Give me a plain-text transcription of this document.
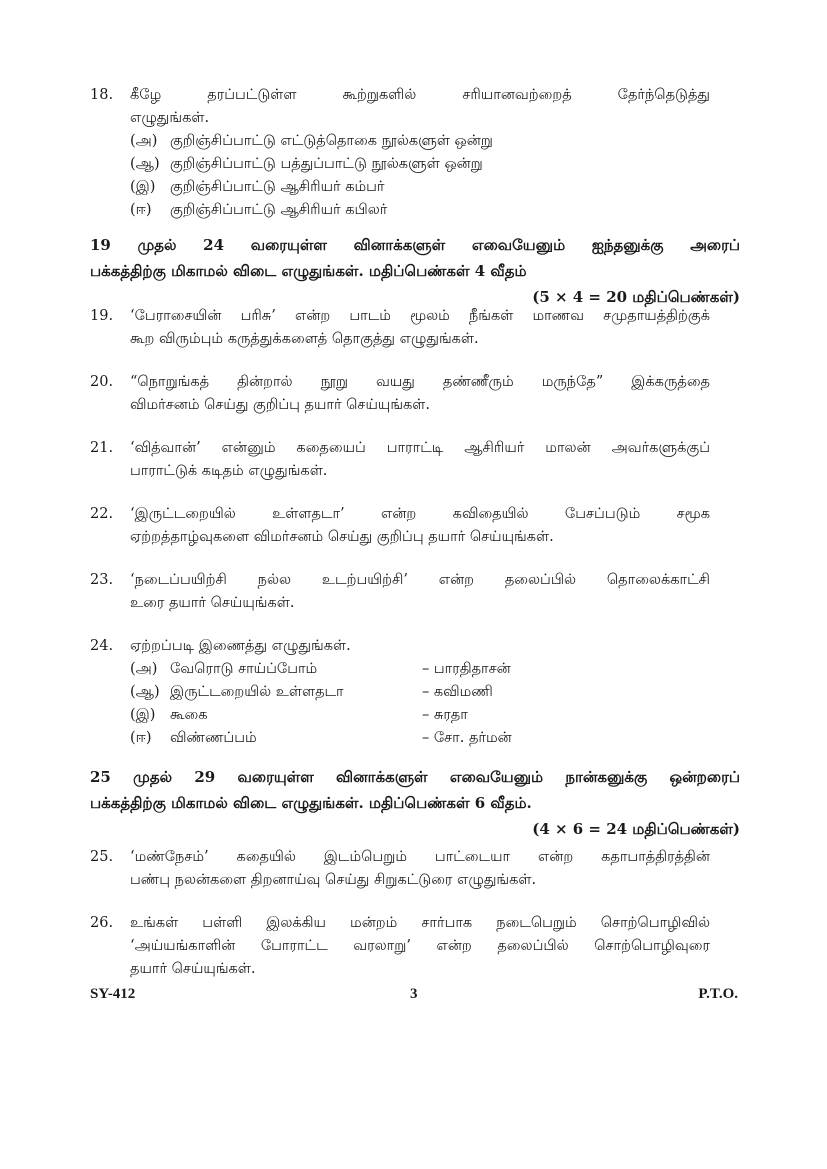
18.	கீழே தரப்பட்டுள்ள கூற்றுகளில் சரியானவற்றைத் தேர்ந்தெடுத்து
எழுதுங்கள்.
(அ) குறிஞ்சிப்பாட்டு எட்டுத்தொகை நூல்களுள் ஒன்று
(ஆ) குறிஞ்சிப்பாட்டு பத்துப்பாட்டு நூல்களுள் ஒன்று
(இ) குறிஞ்சிப்பாட்டு ஆசிரியர் கம்பர்
(ஈ) குறிஞ்சிப்பாட்டு ஆசிரியர் கபிலர்
19 முதல் 24 வரையுள்ள வினாக்களுள் எவையேனும் ஐந்தனுக்கு அரைப்
பக்கத்திற்கு மிகாமல் விடை எழுதுங்கள். மதிப்பெண்கள் 4 வீதம்
(5 × 4 = 20 மதிப்பெண்கள்)
19.	‘பேராசையின் பரிசு’ என்ற பாடம் மூலம் நீங்கள் மாணவ சமுதாயத்திற்குக்
கூற விரும்பும் கருத்துக்களைத் தொகுத்து எழுதுங்கள்.
20.	“நொறுங்கத் தின்றால் நூறு வயது தண்ணீரும் மருந்தே” இக்கருத்தை
விமர்சனம் செய்து குறிப்பு தயார் செய்யுங்கள்.
21.	‘வித்வான்’ என்னும் கதையைப் பாராட்டி ஆசிரியர் மாலன் அவர்களுக்குப்
பாராட்டுக் கடிதம் எழுதுங்கள்.
22.	‘இருட்டறையில் உள்ளதடா’ என்ற கவிதையில் பேசப்படும் சமூக
ஏற்றத்தாழ்வுகளை விமர்சனம் செய்து குறிப்பு தயார் செய்யுங்கள்.
23.	‘நடைப்பயிற்சி நல்ல உடற்பயிற்சி’ என்ற தலைப்பில் தொலைக்காட்சி
உரை தயார் செய்யுங்கள்.
24.	ஏற்றப்படி இணைத்து எழுதுங்கள்.
(அ) வேரொடு சாய்ப்போம்	– பாரதிதாசன்
(ஆ) இருட்டறையில் உள்ளதடா	– கவிமணி
(இ) கூகை	– சுரதா
(ஈ) விண்ணப்பம்	– சோ. தர்மன்
25 முதல் 29 வரையுள்ள வினாக்களுள் எவையேனும் நான்கனுக்கு ஒன்றரைப்
பக்கத்திற்கு மிகாமல் விடை எழுதுங்கள். மதிப்பெண்கள் 6 வீதம்.
(4 × 6 = 24 மதிப்பெண்கள்)
25.	‘மண்நேசம்’ கதையில் இடம்பெறும் பாட்டையா என்ற கதாபாத்திரத்தின்
பண்பு நலன்களை திறனாய்வு செய்து சிறுகட்டுரை எழுதுங்கள்.
26.	உங்கள் பள்ளி இலக்கிய மன்றம் சார்பாக நடைபெறும் சொற்பொழிவில்
‘அய்யங்காளின் போராட்ட வரலாறு’ என்ற தலைப்பில் சொற்பொழிவுரை
தயார் செய்யுங்கள்.
SY-412	3	P.T.O.
